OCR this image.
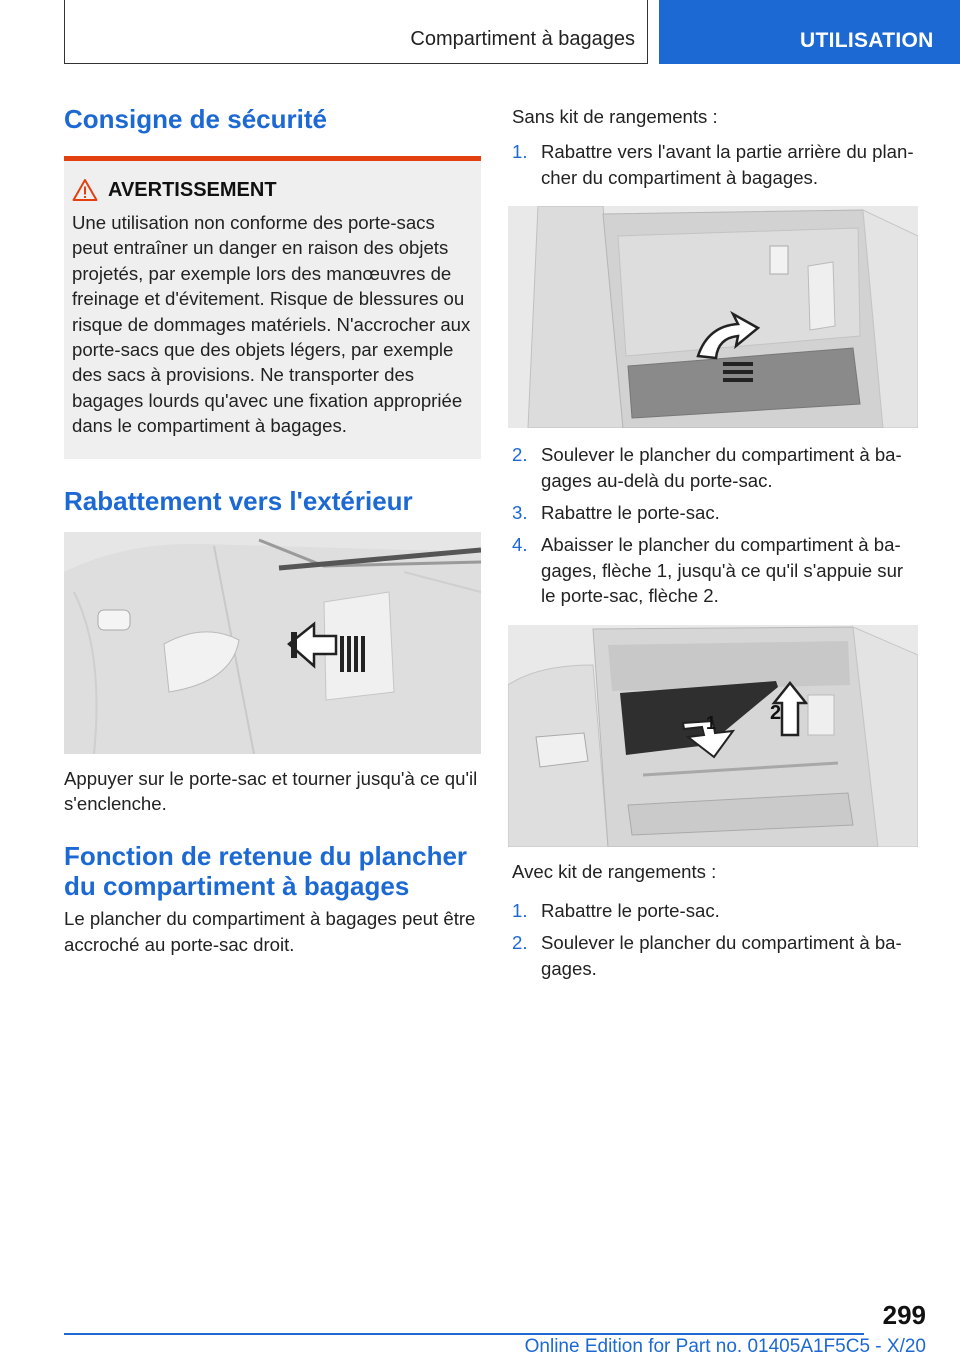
Compartiment à bagages	UTILISATION
Consigne de sécurité
AVERTISSEMENT
Une utilisation non conforme des porte-sacs peut entraîner un danger en raison des objets projetés, par exemple lors des manœuvres de freinage et d'évitement. Risque de blessures ou risque de dommages matériels. N'accrocher aux porte-sacs que des objets légers, par exemple des sacs à provisions. Ne transporter des bagages lourds qu'avec une fixation appropriée dans le compartiment à bagages.
Rabattement vers l'extérieur

Appuyer sur le porte-sac et tourner jusqu'à ce qu'il s'enclenche.

Fonction de retenue du plancher du compartiment à bagages

Le plancher du compartiment à bagages peut être accroché au porte-sac droit.

Sans kit de rangements :

1. Rabattre vers l'avant la partie arrière du plancher du compartiment à bagages.
2. Soulever le plancher du compartiment à bagages au-delà du porte-sac.
3. Rabattre le porte-sac.
4. Abaisser le plancher du compartiment à bagages, flèche 1, jusqu'à ce qu'il s'appuie sur le porte-sac, flèche 2.
1	2

Avec kit de rangements :

1. Rabattre le porte-sac.
2. Soulever le plancher du compartiment à bagages.
299
Online Edition for Part no. 01405A1F5C5 - X/20
